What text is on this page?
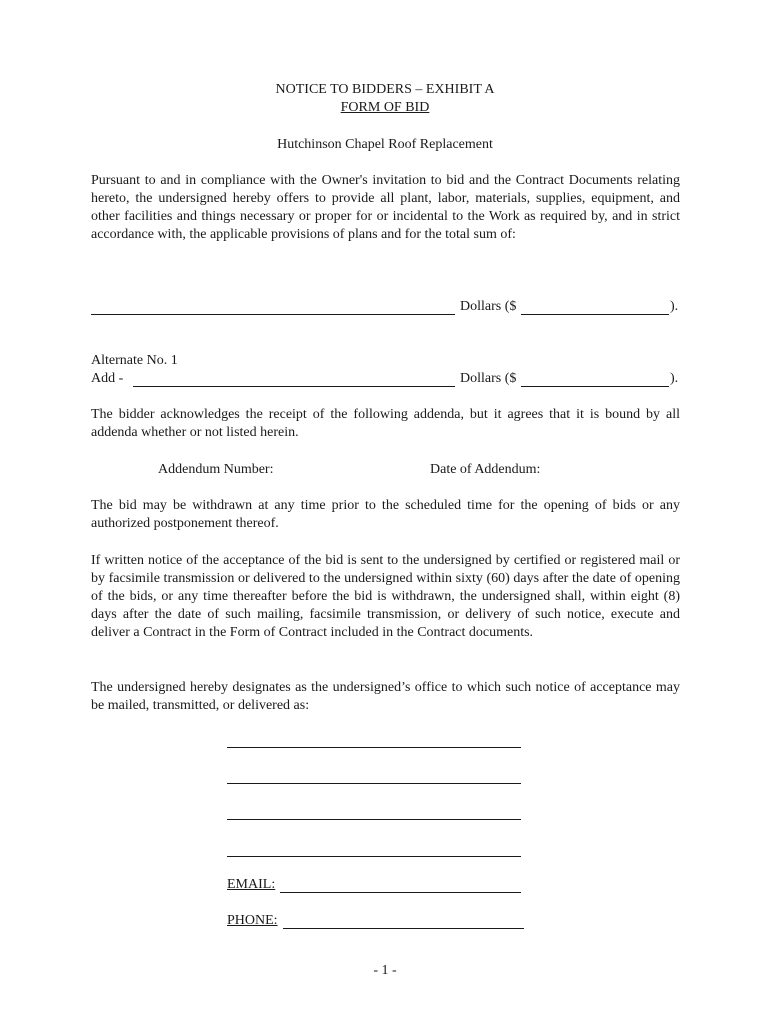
NOTICE TO BIDDERS – EXHIBIT A
FORM OF BID
Hutchinson Chapel Roof Replacement
Pursuant to and in compliance with the Owner's invitation to bid and the Contract Documents relating hereto, the undersigned hereby offers to provide all plant, labor, materials, supplies, equipment, and other facilities and things necessary or proper for or incidental to the Work as required by, and in strict accordance with, the applicable provisions of plans and for the total sum of:
Dollars ($	).
Alternate No. 1
Add -	Dollars ($	).
The bidder acknowledges the receipt of the following addenda, but it agrees that it is bound by all addenda whether or not listed herein.
Addendum Number:	Date of Addendum:
The bid may be withdrawn at any time prior to the scheduled time for the opening of bids or any authorized postponement thereof.
If written notice of the acceptance of the bid is sent to the undersigned by certified or registered mail or by facsimile transmission or delivered to the undersigned within sixty (60) days after the date of opening of the bids, or any time thereafter before the bid is withdrawn, the undersigned shall, within eight (8) days after the date of such mailing, facsimile transmission, or delivery of such notice, execute and deliver a Contract in the Form of Contract included in the Contract documents.
The undersigned hereby designates as the undersigned’s office to which such notice of acceptance may be mailed, transmitted, or delivered as:
EMAIL:
PHONE:
- 1 -
